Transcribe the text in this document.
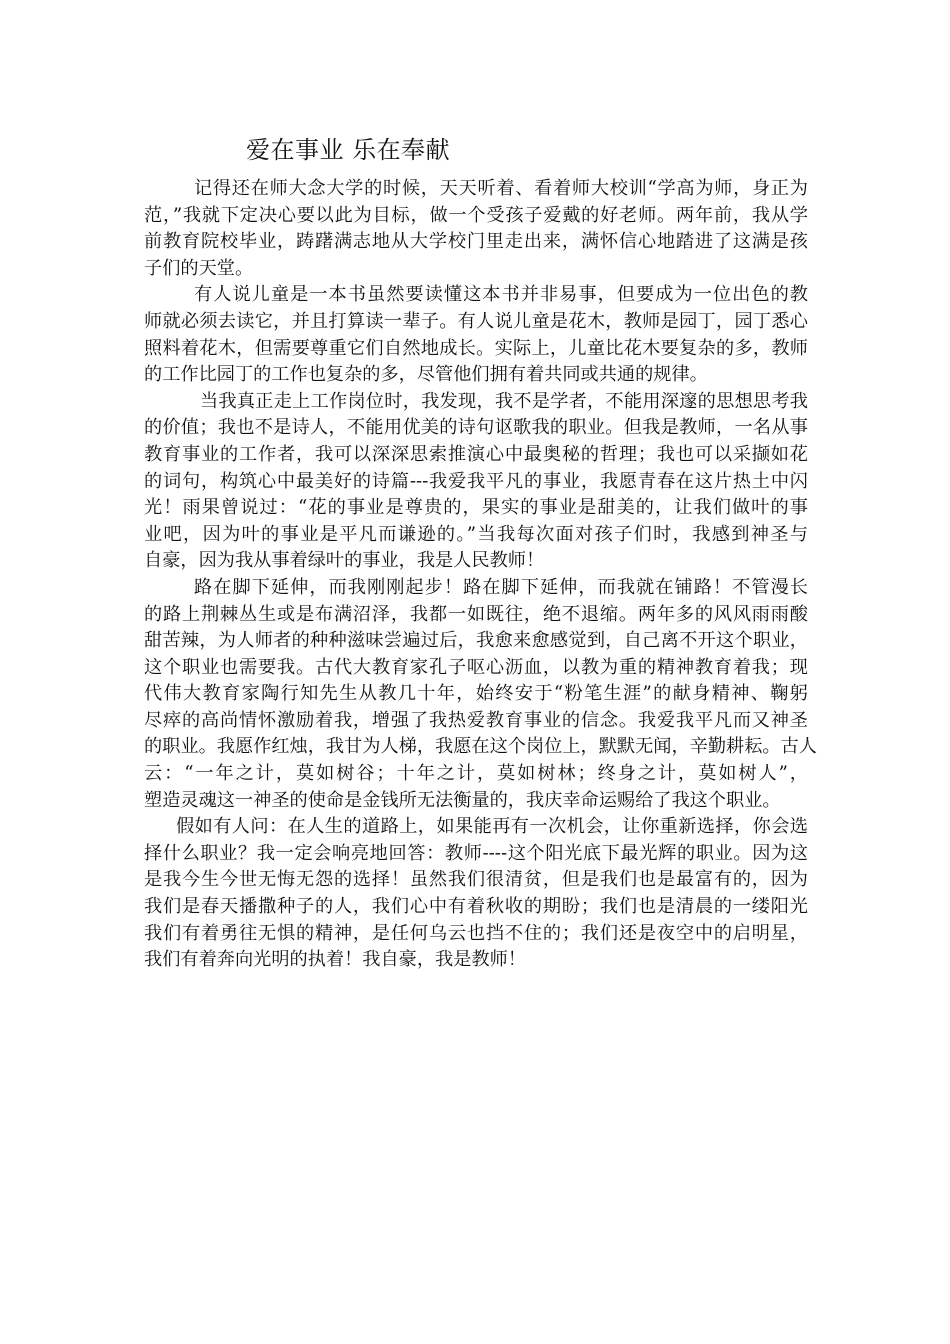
爱在事业 乐在奉献

记得还在师大念大学的时候，天天听着、看着师大校训“学高为师，身正为
范，”我就下定决心要以此为目标，做一个受孩子爱戴的好老师。两年前，我从学
前教育院校毕业，踌躇满志地从大学校门里走出来，满怀信心地踏进了这满是孩
子们的天堂。

有人说儿童是一本书虽然要读懂这本书并非易事，但要成为一位出色的教
师就必须去读它，并且打算读一辈子。有人说儿童是花木，教师是园丁，园丁悉心
照料着花木，但需要尊重它们自然地成长。实际上，儿童比花木要复杂的多，教师
的工作比园丁的工作也复杂的多，尽管他们拥有着共同或共通的规律。

当我真正走上工作岗位时，我发现，我不是学者，不能用深邃的思想思考我
的价值；我也不是诗人，不能用优美的诗句讴歌我的职业。但我是教师，一名从事
教育事业的工作者，我可以深深思索推演心中最奥秘的哲理；我也可以采撷如花
的词句，构筑心中最美好的诗篇---我爱我平凡的事业，我愿青春在这片热土中闪
光！雨果曾说过：“花的事业是尊贵的，果实的事业是甜美的，让我们做叶的事
业吧，因为叶的事业是平凡而谦逊的。”当我每次面对孩子们时，我感到神圣与
自豪，因为我从事着绿叶的事业，我是人民教师！

路在脚下延伸，而我刚刚起步！路在脚下延伸，而我就在铺路！不管漫长
的路上荆棘丛生或是布满沼泽，我都一如既往，绝不退缩。两年多的风风雨雨酸
甜苦辣，为人师者的种种滋味尝遍过后，我愈来愈感觉到，自己离不开这个职业，
这个职业也需要我。古代大教育家孔子呕心沥血，以教为重的精神教育着我；现
代伟大教育家陶行知先生从教几十年，始终安于“粉笔生涯”的献身精神、鞠躬
尽瘁的高尚情怀激励着我，增强了我热爱教育事业的信念。我爱我平凡而又神圣
的职业。我愿作红烛，我甘为人梯，我愿在这个岗位上，默默无闻，辛勤耕耘。古人
云：“一年之计，莫如树谷；十年之计，莫如树林；终身之计，莫如树人”，
塑造灵魂这一神圣的使命是金钱所无法衡量的，我庆幸命运赐给了我这个职业。

假如有人问：在人生的道路上，如果能再有一次机会，让你重新选择，你会选
择什么职业？我一定会响亮地回答：教师----这个阳光底下最光辉的职业。因为这
是我今生今世无悔无怨的选择！虽然我们很清贫，但是我们也是最富有的，因为
我们是春天播撒种子的人，我们心中有着秋收的期盼；我们也是清晨的一缕阳光
我们有着勇往无惧的精神，是任何乌云也挡不住的；我们还是夜空中的启明星，
我们有着奔向光明的执着！我自豪，我是教师！
